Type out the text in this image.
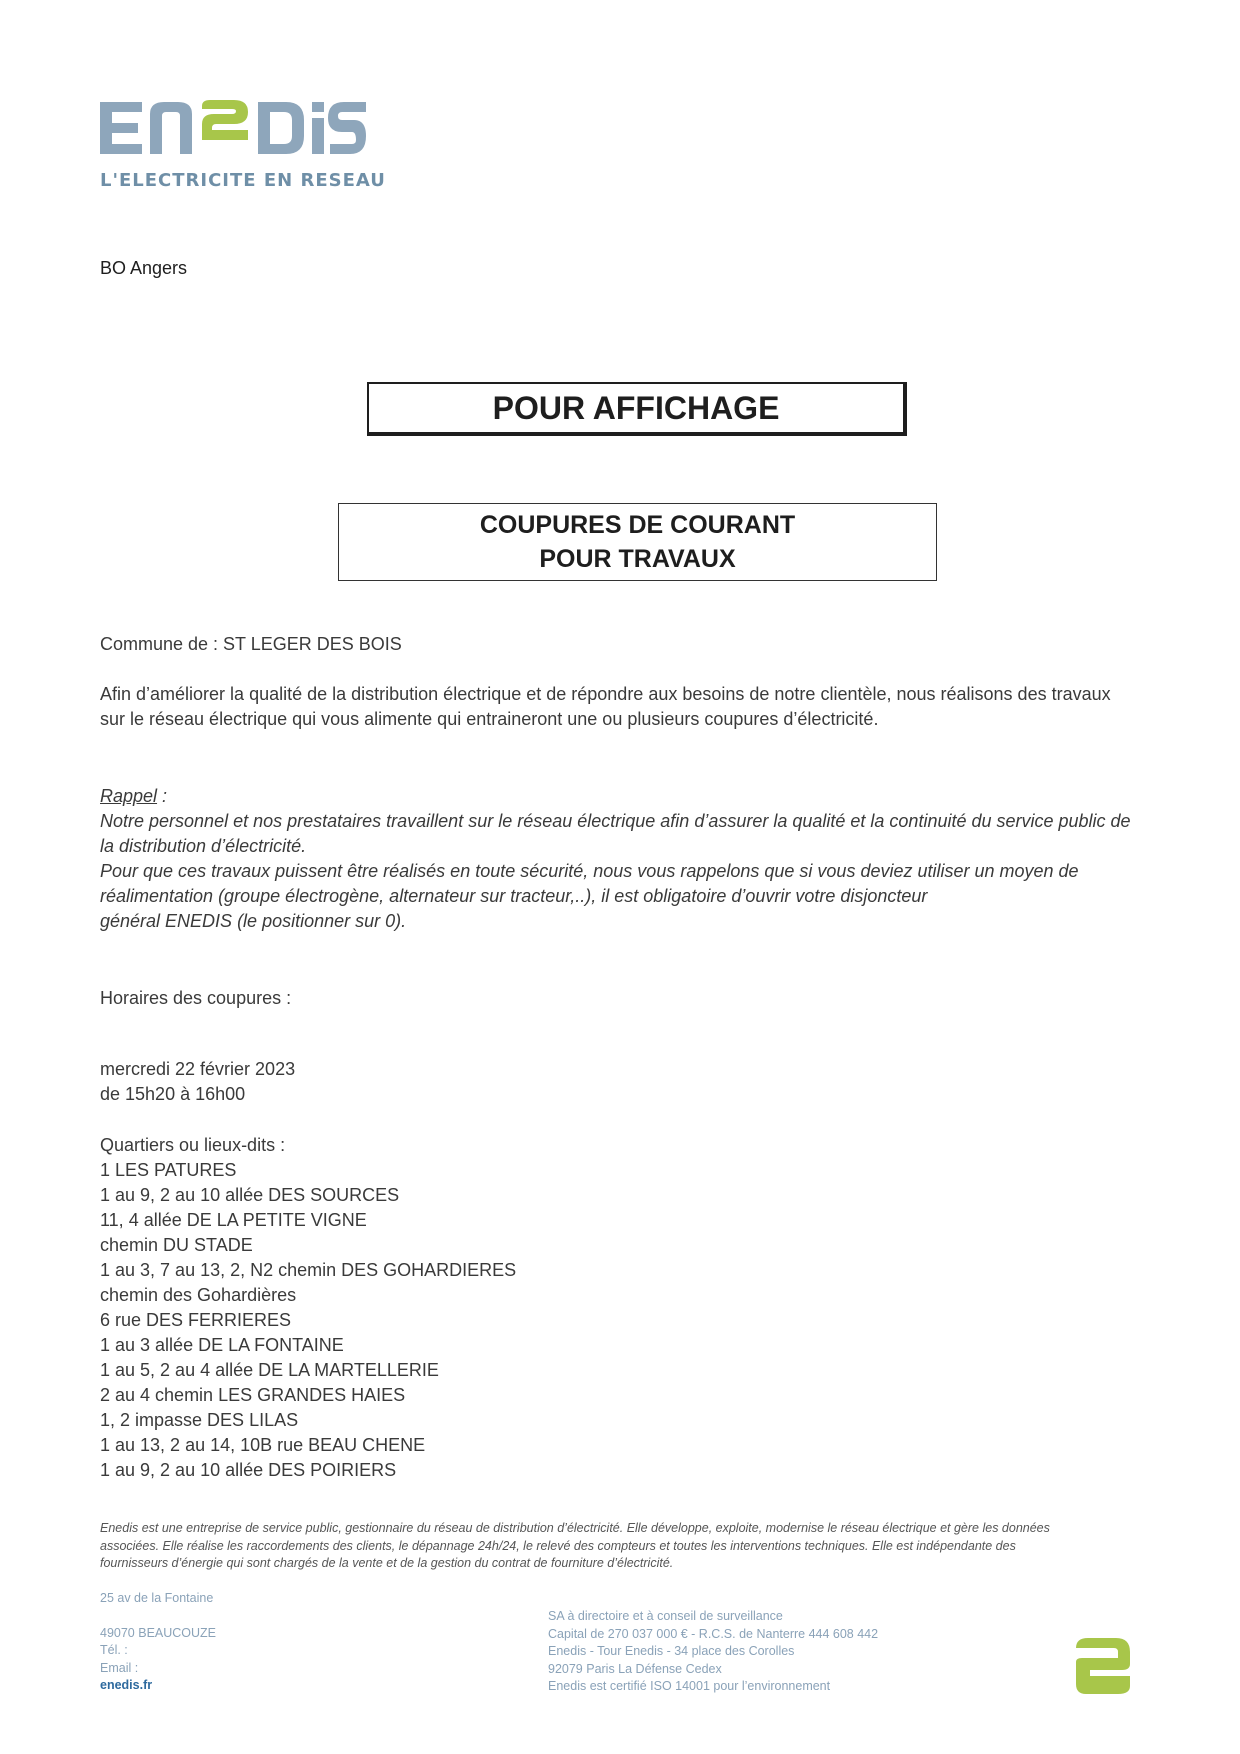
L'ELECTRICITE EN RESEAU
BO Angers
POUR AFFICHAGE
COUPURES DE COURANT
POUR TRAVAUX
Commune de : ST LEGER DES BOIS
Afin d’améliorer la qualité de la distribution électrique et de répondre aux besoins de notre clientèle, nous réalisons des travaux sur le réseau électrique qui vous alimente qui entraineront une ou plusieurs coupures d’électricité.
Rappel :
Notre personnel et nos prestataires travaillent sur le réseau électrique afin d’assurer la qualité et la continuité du service public de la distribution d’électricité.
Pour que ces travaux puissent être réalisés en toute sécurité, nous vous rappelons que si vous deviez utiliser un moyen de
réalimentation (groupe électrogène, alternateur sur tracteur,..), il est obligatoire d’ouvrir votre disjoncteur
général ENEDIS (le positionner sur 0).
Horaires des coupures :
mercredi 22 février 2023
de 15h20 à 16h00
Quartiers ou lieux-dits :
1 LES PATURES
1 au 9, 2 au 10 allée DES SOURCES
11, 4 allée DE LA PETITE VIGNE
chemin DU STADE
1 au 3, 7 au 13, 2, N2 chemin DES GOHARDIERES
chemin des Gohardières
6 rue DES FERRIERES
1 au 3 allée DE LA FONTAINE
1 au 5, 2 au 4 allée DE LA MARTELLERIE
2 au 4 chemin LES GRANDES HAIES
1, 2 impasse DES LILAS
1 au 13, 2 au 14, 10B rue BEAU CHENE
1 au 9, 2 au 10 allée DES POIRIERS
Enedis est une entreprise de service public, gestionnaire du réseau de distribution d’électricité. Elle développe, exploite, modernise le réseau électrique et gère les données
associées. Elle réalise les raccordements des clients, le dépannage 24h/24, le relevé des compteurs et toutes les interventions techniques. Elle est indépendante des
fournisseurs d’énergie qui sont chargés de la vente et de la gestion du contrat de fourniture d’électricité.
25 av de la Fontaine
49070 BEAUCOUZE
Tél. :
Email :
enedis.fr
SA à directoire et à conseil de surveillance
Capital de 270 037 000 € - R.C.S. de Nanterre 444 608 442
Enedis - Tour Enedis - 34 place des Corolles
92079 Paris La Défense Cedex
Enedis est certifié ISO 14001 pour l’environnement
